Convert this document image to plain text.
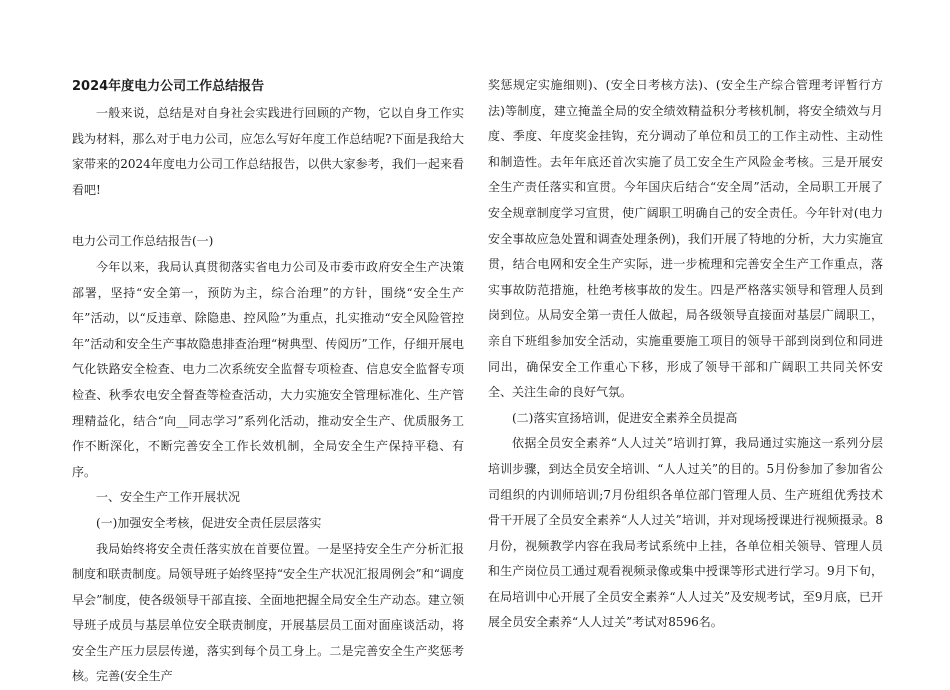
2024年度电力公司工作总结报告

一般来说，总结是对自身社会实践进行回顾的产物，它以自身工作实践为材料，那么对于电力公司，应怎么写好年度工作总结呢?下面是我给大家带来的2024年度电力公司工作总结报告，以供大家参考，我们一起来看看吧!

电力公司工作总结报告(一)

今年以来，我局认真贯彻落实省电力公司及市委市政府安全生产决策部署，坚持“安全第一，预防为主，综合治理”的方针，围绕“安全生产年”活动，以“反违章、除隐患、控风险”为重点，扎实推动“安全风险管控年”活动和安全生产事故隐患排查治理“树典型、传阅历”工作，仔细开展电气化铁路安全检查、电力二次系统安全监督专项检查、信息安全监督专项检查、秋季农电安全督查等检查活动，大力实施安全管理标准化、生产管理精益化，结合“向__同志学习”系列化活动，推动安全生产、优质服务工作不断深化，不断完善安全工作长效机制，全局安全生产保持平稳、有序。

一、安全生产工作开展状况

(一)加强安全考核，促进安全责任层层落实

我局始终将安全责任落实放在首要位置。一是坚持安全生产分析汇报制度和联责制度。局领导班子始终坚持“安全生产状况汇报周例会”和“调度早会”制度，使各级领导干部直接、全面地把握全局安全生产动态。建立领导班子成员与基层单位安全联责制度，开展基层员工面对面座谈活动，将安全生产压力层层传递，落实到每个员工身上。二是完善安全生产奖惩考核。完善(安全生产

奖惩规定实施细则)、(安全日考核方法)、(安全生产综合管理考评暂行方法)等制度，建立掩盖全局的安全绩效精益积分考核机制，将安全绩效与月度、季度、年度奖金挂钩，充分调动了单位和员工的工作主动性、主动性和制造性。去年年底还首次实施了员工安全生产风险金考核。三是开展安全生产责任落实和宣贯。今年国庆后结合“安全周”活动，全局职工开展了安全规章制度学习宣贯，使广阔职工明确自己的安全责任。今年针对(电力安全事故应急处置和调查处理条例)，我们开展了特地的分析，大力实施宣贯，结合电网和安全生产实际，进一步梳理和完善安全生产工作重点，落实事故防范措施，杜绝考核事故的发生。四是严格落实领导和管理人员到岗到位。从局安全第一责任人做起，局各级领导直接面对基层广阔职工，亲自下班组参加安全活动，实施重要施工项目的领导干部到岗到位和同进同出，确保安全工作重心下移，形成了领导干部和广阔职工共同关怀安全、关注生命的良好气氛。

(二)落实宣扬培训，促进安全素养全员提高

依据全员安全素养“人人过关”培训打算，我局通过实施这一系列分层培训步骤，到达全员安全培训、“人人过关”的目的。5月份参加了参加省公司组织的内训师培训;7月份组织各单位部门管理人员、生产班组优秀技术骨干开展了全员安全素养“人人过关”培训，并对现场授课进行视频摄录。8月份，视频教学内容在我局考试系统中上挂，各单位相关领导、管理人员和生产岗位员工通过观看视频录像或集中授课等形式进行学习。9月下旬，在局培训中心开展了全员安全素养“人人过关”及安规考试，至9月底，已开展全员安全素养“人人过关”考试对8596名。
